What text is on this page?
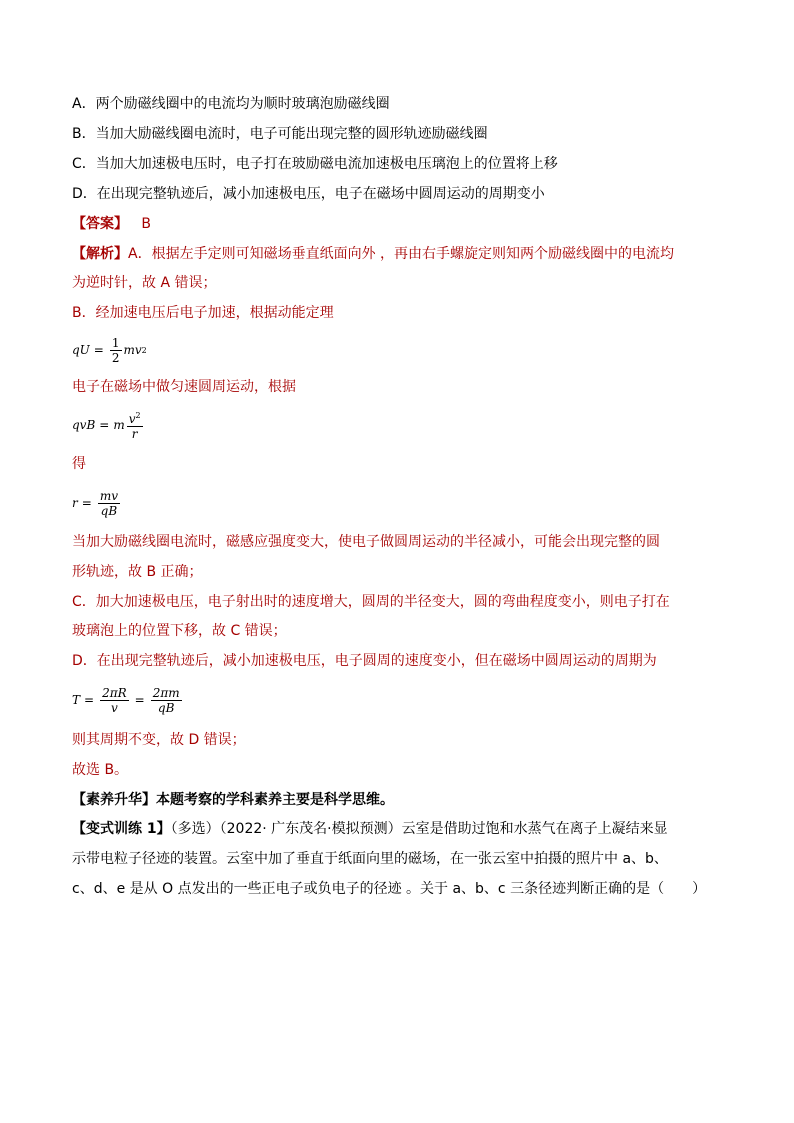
A．两个励磁线圈中的电流均为顺时玻璃泡励磁线圈
B．当加大励磁线圈电流时，电子可能出现完整的圆形轨迹励磁线圈
C．当加大加速极电压时，电子打在玻励磁电流加速极电压璃泡上的位置将上移
D．在出现完整轨迹后，减小加速极电压，电子在磁场中圆周运动的周期变小
【答案】 B
【解析】A．根据左手定则可知磁场垂直纸面向外 ，再由右手螺旋定则知两个励磁线圈中的电流均
为逆时针，故 A 错误；
B．经加速电压后电子加速，根据动能定理
qU = $\frac{1}{2}$ mv 2
电子在磁场中做匀速圆周运动，根据
qvB = m $\frac{v^2}{r}$
得
$r = \frac{mv}{qB}$
当加大励磁线圈电流时，磁感应强度变大，使电子做圆周运动的半径减小，可能会出现完整的圆
形轨迹，故 B 正确；
C．加大加速极电压，电子射出时的速度增大，圆周的半径变大，圆的弯曲程度变小，则电子打在
玻璃泡上的位置下移，故 C 错误；
D．在出现完整轨迹后，减小加速极电压，电子圆周的速度变小，但在磁场中圆周运动的周期为
$T = \frac{2\pi R}{v} = \frac{2\pi m}{qB}$
则其周期不变，故 D 错误；
故选 B。
【素养升华】本题考察的学科素养主要是科学思维。
【变式训练 1】（多选）（2022· 广东茂名·模拟预测）云室是借助过饱和水蒸气在离子上凝结来显
示带电粒子径迹的装置。云室中加了垂直于纸面向里的磁场，在一张云室中拍摄的照片中 a、b、
c、d、e 是从 O 点发出的一些正电子或负电子的径迹 。关于 a、b、c 三条径迹判断正确的是（　　）
